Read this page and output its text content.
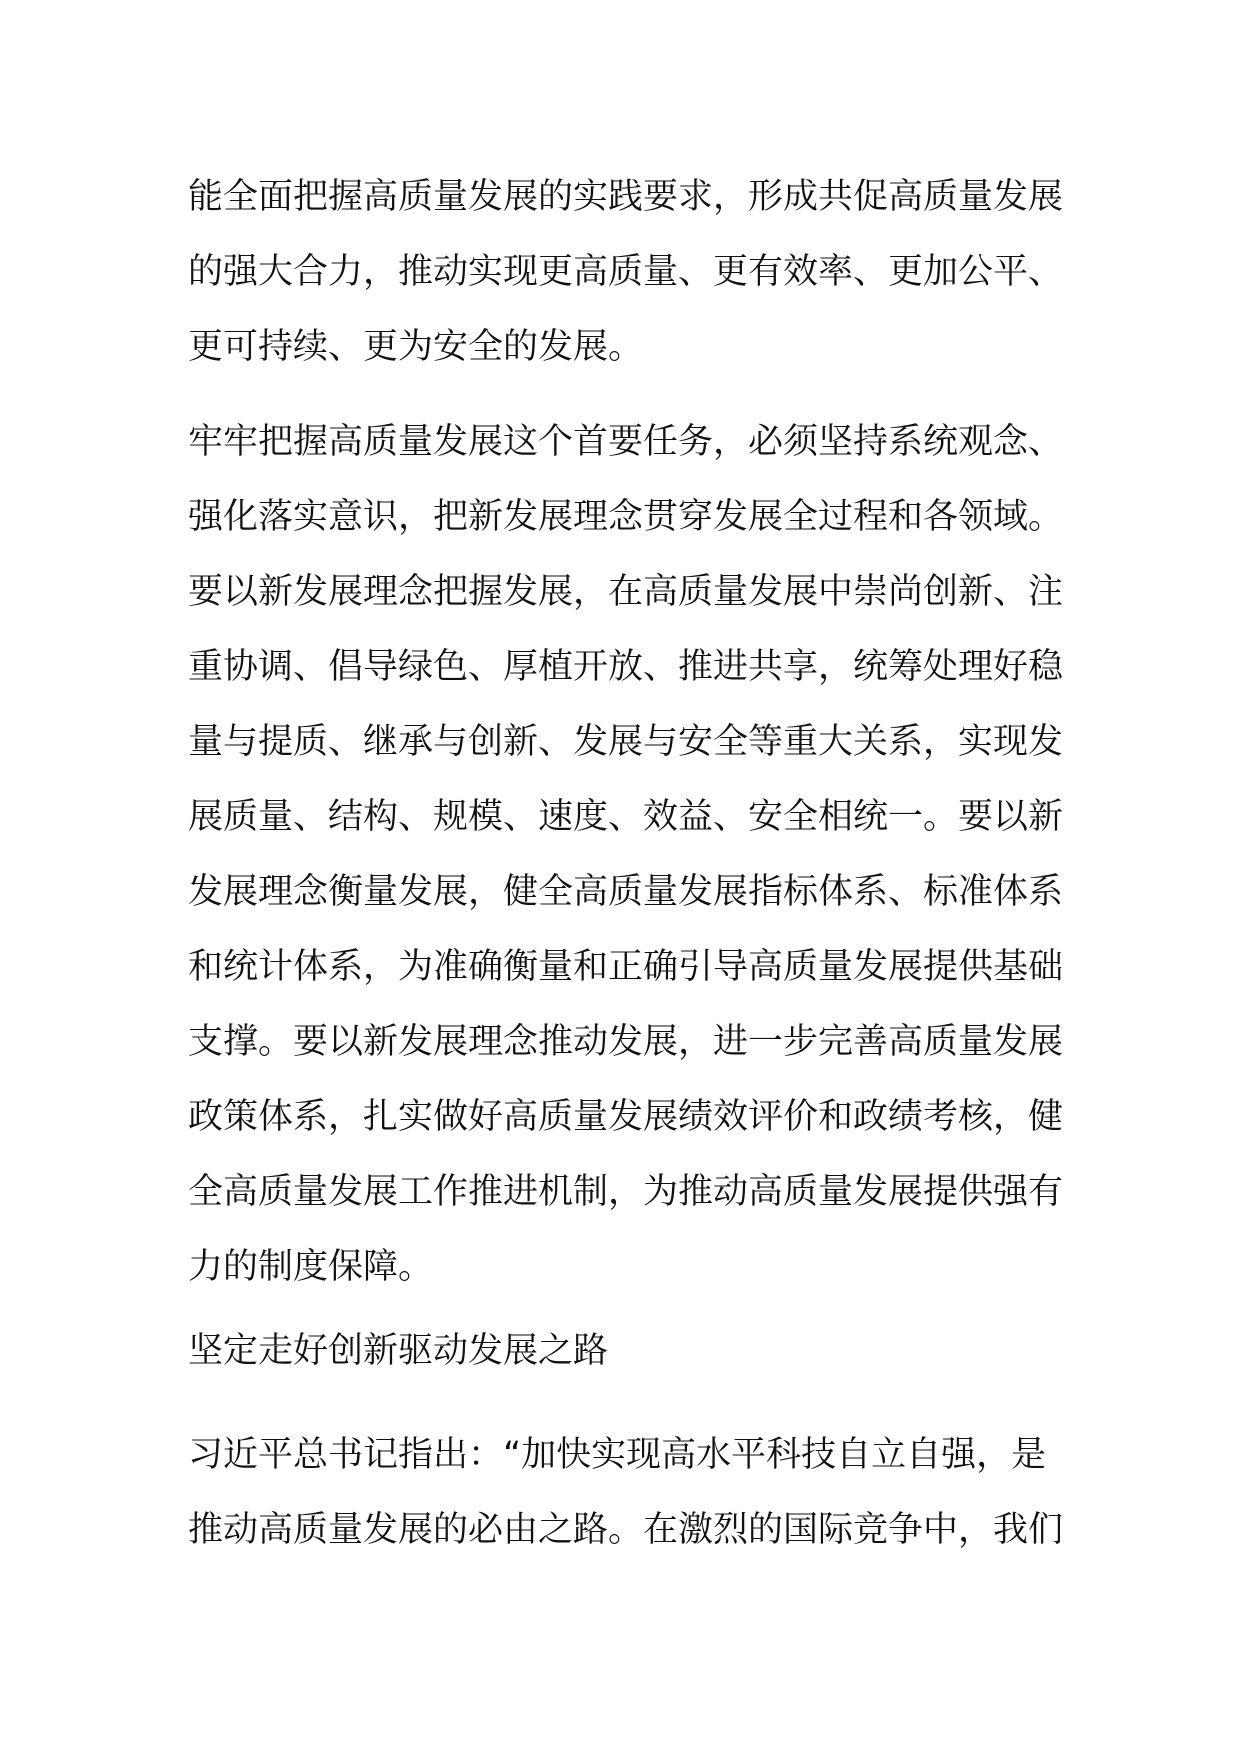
能全面把握高质量发展的实践要求，形成共促高质量发展
的强大合力，推动实现更高质量、更有效率、更加公平、
更可持续、更为安全的发展。
牢牢把握高质量发展这个首要任务，必须坚持系统观念、
强化落实意识，把新发展理念贯穿发展全过程和各领域。
要以新发展理念把握发展，在高质量发展中崇尚创新、注
重协调、倡导绿色、厚植开放、推进共享，统筹处理好稳
量与提质、继承与创新、发展与安全等重大关系，实现发
展质量、结构、规模、速度、效益、安全相统一。要以新
发展理念衡量发展，健全高质量发展指标体系、标准体系
和统计体系，为准确衡量和正确引导高质量发展提供基础
支撑。要以新发展理念推动发展，进一步完善高质量发展
政策体系，扎实做好高质量发展绩效评价和政绩考核，健
全高质量发展工作推进机制，为推动高质量发展提供强有
力的制度保障。
坚定走好创新驱动发展之路
习近平总书记指出：“加快实现高水平科技自立自强，是
推动高质量发展的必由之路。在激烈的国际竞争中，我们
